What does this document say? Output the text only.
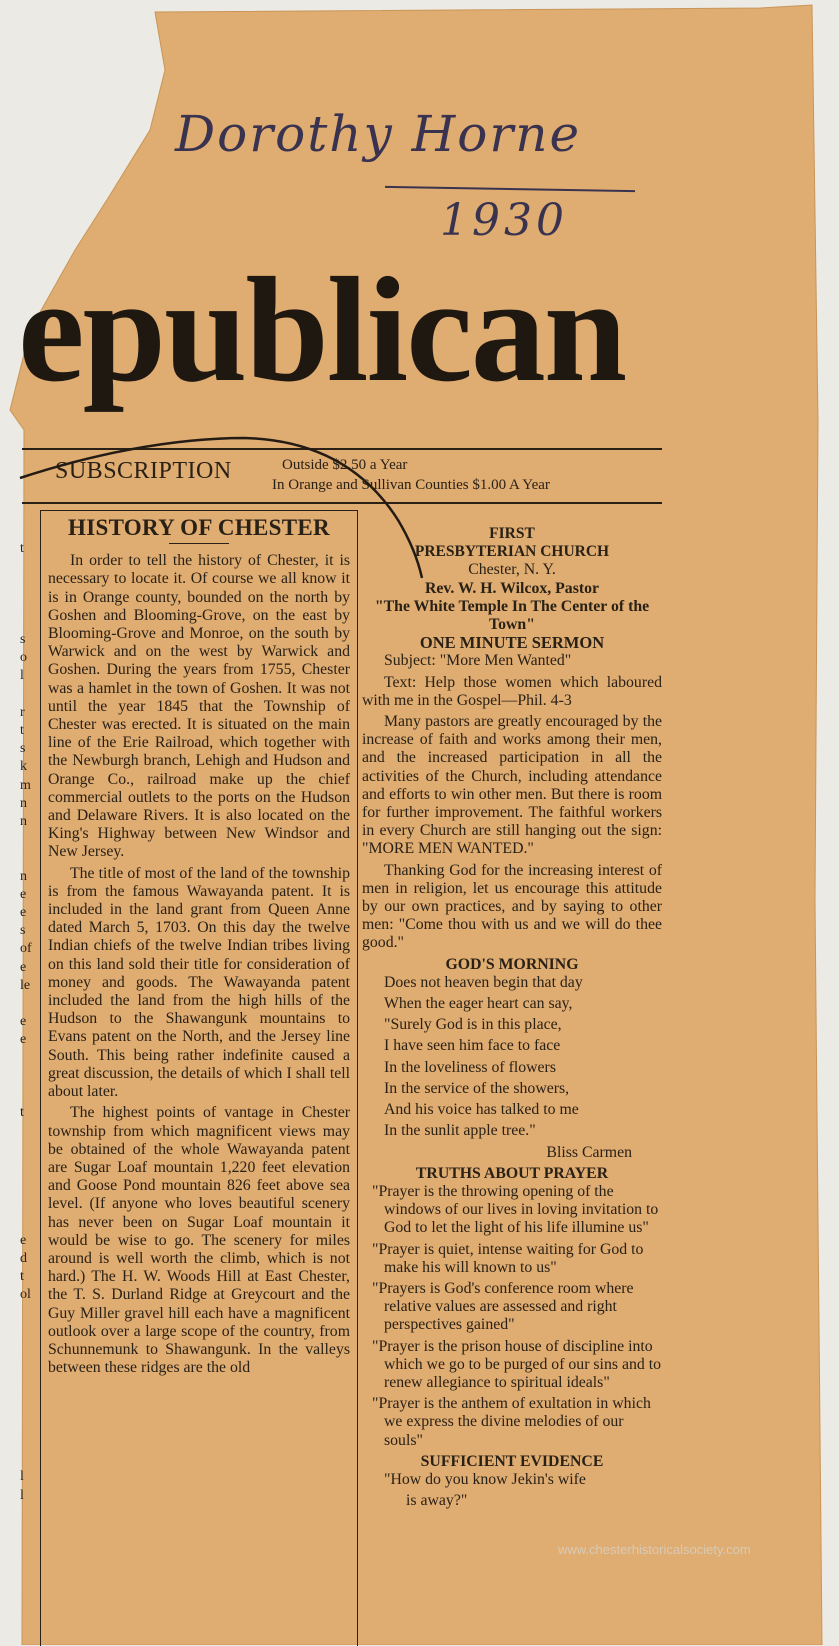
Dorothy Horne
1930
epublican
SUBSCRIPTION	Outside $2.50 a Year
In Orange and Sullivan Counties $1.00 A Year
t

s
o
l

r
t
s
k
m
n
n

n
e
e
s
of
e
le

e
e

t

e
d
t
ol

l
l
HISTORY OF CHESTER

In order to tell the history of Chester, it is necessary to locate it. Of course we all know it is in Orange county, bounded on the north by Goshen and Blooming-Grove, on the east by Blooming-Grove and Monroe, on the south by Warwick and on the west by Warwick and Goshen. During the years from 1755, Chester was a hamlet in the town of Goshen. It was not until the year 1845 that the Township of Chester was erected. It is situated on the main line of the Erie Railroad, which together with the Newburgh branch, Lehigh and Hudson and Orange Co., railroad make up the chief commercial outlets to the ports on the Hudson and Delaware Rivers. It is also located on the King's Highway between New Windsor and New Jersey.

The title of most of the land of the township is from the famous Wawayanda patent. It is included in the land grant from Queen Anne dated March 5, 1703. On this day the twelve Indian chiefs of the twelve Indian tribes living on this land sold their title for consideration of money and goods. The Wawayanda patent included the land from the high hills of the Hudson to the Shawangunk mountains to Evans patent on the North, and the Jersey line South. This being rather indefinite caused a great discussion, the details of which I shall tell about later.

The highest points of vantage in Chester township from which magnificent views may be obtained of the whole Wawayanda patent are Sugar Loaf mountain 1,220 feet elevation and Goose Pond mountain 826 feet above sea level. (If anyone who loves beautiful scenery has never been on Sugar Loaf mountain it would be wise to go. The scenery for miles around is well worth the climb, which is not hard.) The H. W. Woods Hill at East Chester, the T. S. Durland Ridge at Greycourt and the Guy Miller gravel hill each have a magnificent outlook over a large scope of the country, from Schunnemunk to Shawangunk. In the valleys between these ridges are the old

FIRST
PRESBYTERIAN CHURCH
Chester, N. Y.
Rev. W. H. Wilcox, Pastor
"The White Temple In The Center of the Town"
ONE MINUTE SERMON

Subject: "More Men Wanted"

Text: Help those women which laboured with me in the Gospel—Phil. 4-3

Many pastors are greatly encouraged by the increase of faith and works among their men, and the increased participation in all the activities of the Church, including attendance and efforts to win other men. But there is room for further improvement. The faithful workers in every Church are still hanging out the sign: "MORE MEN WANTED."

Thanking God for the increasing interest of men in religion, let us encourage this attitude by our own practices, and by saying to other men: "Come thou with us and we will do thee good."

GOD'S MORNING

Does not heaven begin that day

When the eager heart can say,

"Surely God is in this place,

I have seen him face to face

In the loveliness of flowers

In the service of the showers,

And his voice has talked to me

In the sunlit apple tree."

Bliss Carmen

TRUTHS ABOUT PRAYER

"Prayer is the throwing opening of the windows of our lives in loving invitation to God to let the light of his life illumine us"

"Prayer is quiet, intense waiting for God to make his will known to us"

"Prayers is God's conference room where relative values are assessed and right perspectives gained"

"Prayer is the prison house of discipline into which we go to be purged of our sins and to renew allegiance to spiritual ideals"

"Prayer is the anthem of exultation in which we express the divine melodies of our souls"

SUFFICIENT EVIDENCE

"How do you know Jekin's wife

is away?"

www.chesterhistoricalsociety.com
